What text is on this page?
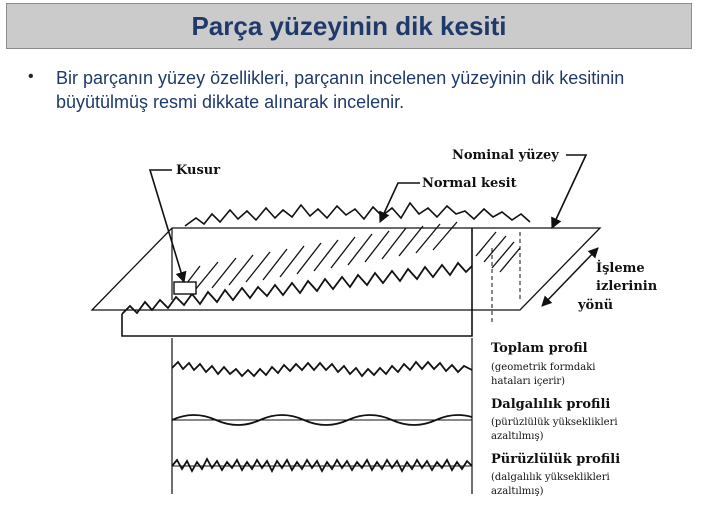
Parça yüzeyinin dik kesiti
•	Bir parçanın yüzey özellikleri, parçanın incelenen yüzeyinin dik kesitinin büyütülmüş resmi dikkate alınarak incelenir.
Kusur
Nominal yüzey
Normal kesit
İşleme
izlerinin
yönü
Toplam profil
(geometrik formdaki
hataları içerir)
Dalgalılık profili
(pürüzlülük yükseklikleri
azaltılmış)
Pürüzlülük profili
(dalgalılık yükseklikleri
azaltılmış)
